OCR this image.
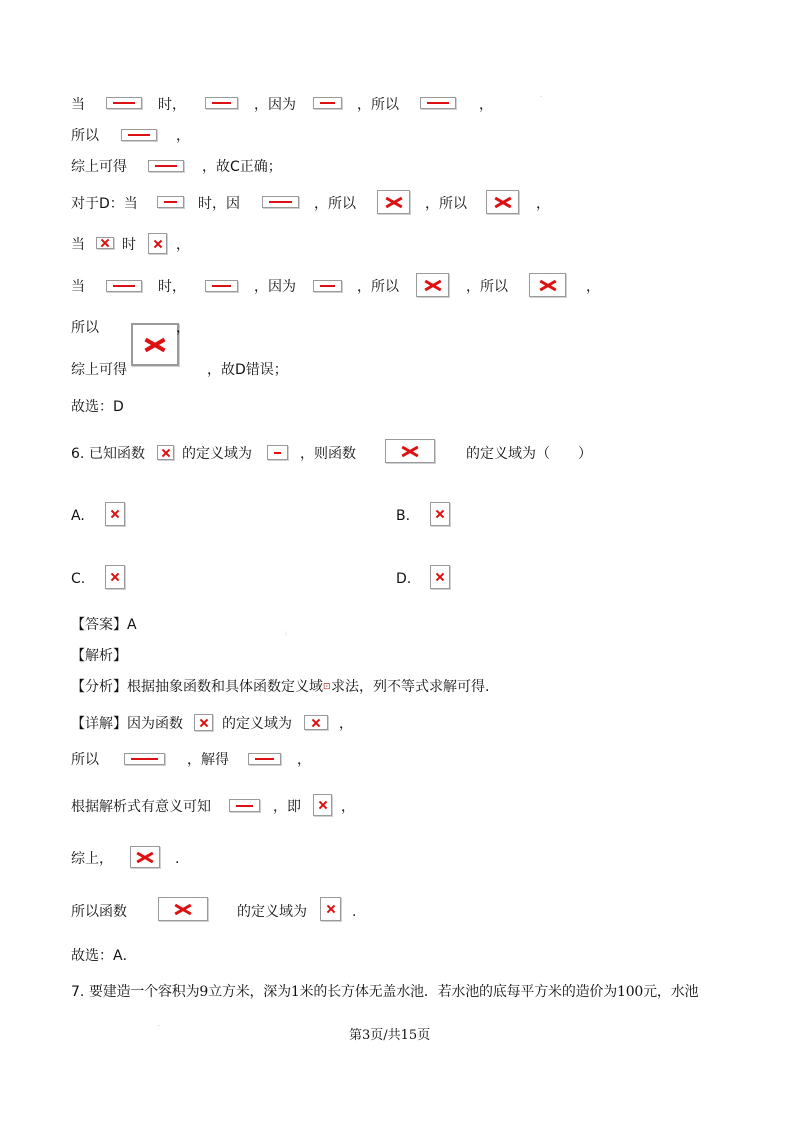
当	时，	，因为	，所以	，	·
所以	，
综上可得	，故C正确；
对于D：当	时，因	，所以	，所以	，
当	时	，
当	时，	，因为	，所以	，所以	，
所以	，
综上可得	，故D错误；
故选：D
6. 已知函数	的定义域为	，则函数	的定义域为（　　）
A.	B.
C.	D.
【答案】 A
:
【解析】
【分析】 根据抽象函数和具体函数定义域 ⊡ 求法，列不等式求解可得.
【详解】 因为函数	的定义域为	，
所以	，解得	，
根据解析式有意义可知	，即	，
综上，	.
所以函数	的定义域为	.
故选：A．
7. 要建造一个容积为9立方米，深为1米的长方体无盖水池．若水池的底每平方米的造价为100元，水池
·
第3页/共15页
